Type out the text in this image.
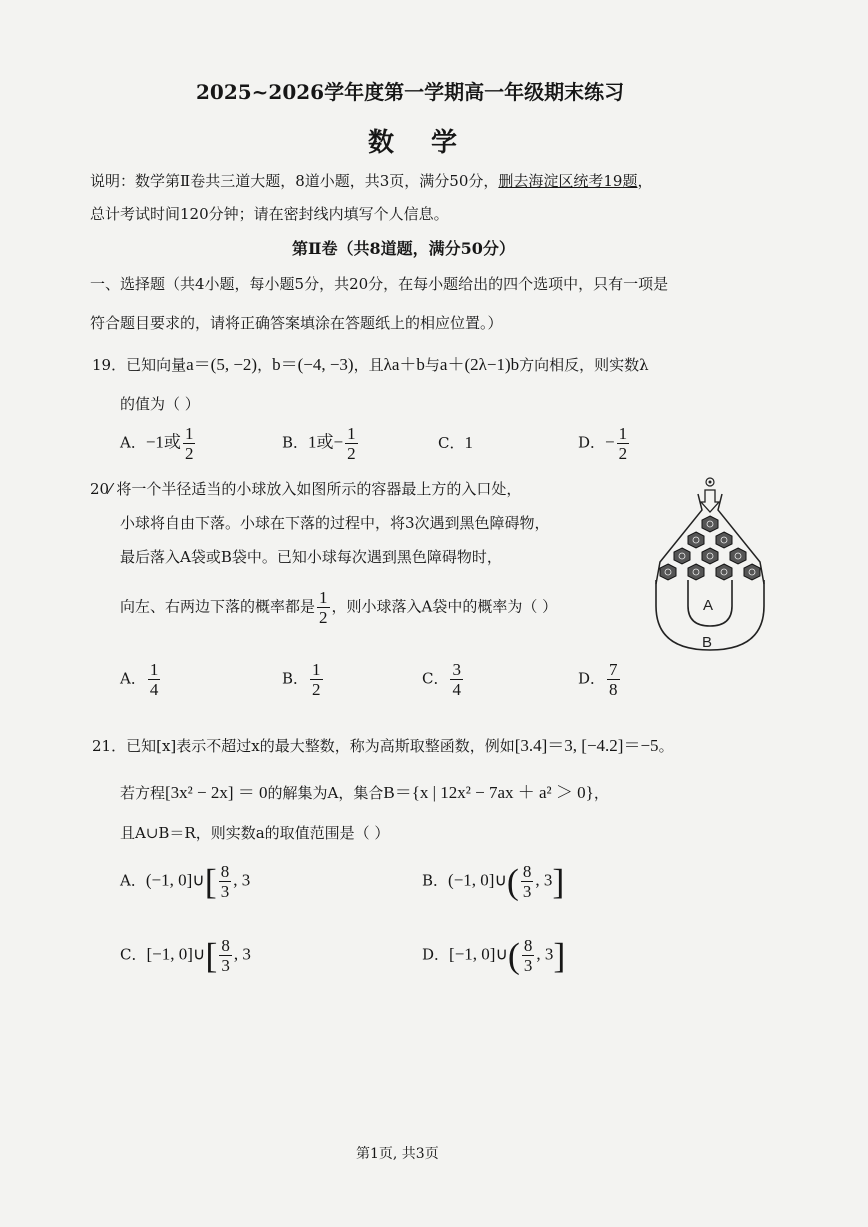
2025~2026学年度第一学期高一年级期末练习
数 学
说明：数学第Ⅱ卷共三道大题，8道小题，共3页，满分50分，删去海淀区统考19题，
总计考试时间120分钟；请在密封线内填写个人信息。
第Ⅱ卷（共8道题，满分50分）
一、选择题（共4小题，每小题5分，共20分，在每小题给出的四个选项中，只有一项是
符合题目要求的，请将正确答案填涂在答题纸上的相应位置。）
19．已知向量a＝(5, −2)，b＝(−4, −3)，且λa＋b与a＋(2λ−1)b方向相反，则实数λ
的值为（ ）
A．−1或 $\frac{1}{2}$	B．1或− $\frac{1}{2}$	C．1	D．− $\frac{1}{2}$
20⁄ 将一个半径适当的小球放入如图所示的容器最上方的入口处，
小球将自由下落。小球在下落的过程中，将3次遇到黑色障碍物，
最后落入A袋或B袋中。已知小球每次遇到黑色障碍物时，
向左、右两边下落的概率都是 $\frac{1}{2}$ ，则小球落入A袋中的概率为（ ）	A
B
A． $\frac{1}{4}$	B． $\frac{1}{2}$	C． $\frac{3}{4}$	D． $\frac{7}{8}$
21．已知[x]表示不超过x的最大整数，称为高斯取整函数，例如[3.4]＝3, [−4.2]＝−5。
若方程[3x² − 2x] ＝ 0的解集为A，集合B＝{x | 12x² − 7ax ＋ a² ＞ 0}，
且A∪B＝R，则实数a的取值范围是（ ）
A．(−1, 0]∪[ $\frac{8}{3}$ , 3	B．(−1, 0]∪( $\frac{8}{3}$ , 3]
C．[−1, 0]∪[ $\frac{8}{3}$ , 3	D．[−1, 0]∪( $\frac{8}{3}$ , 3]
第1页, 共3页
